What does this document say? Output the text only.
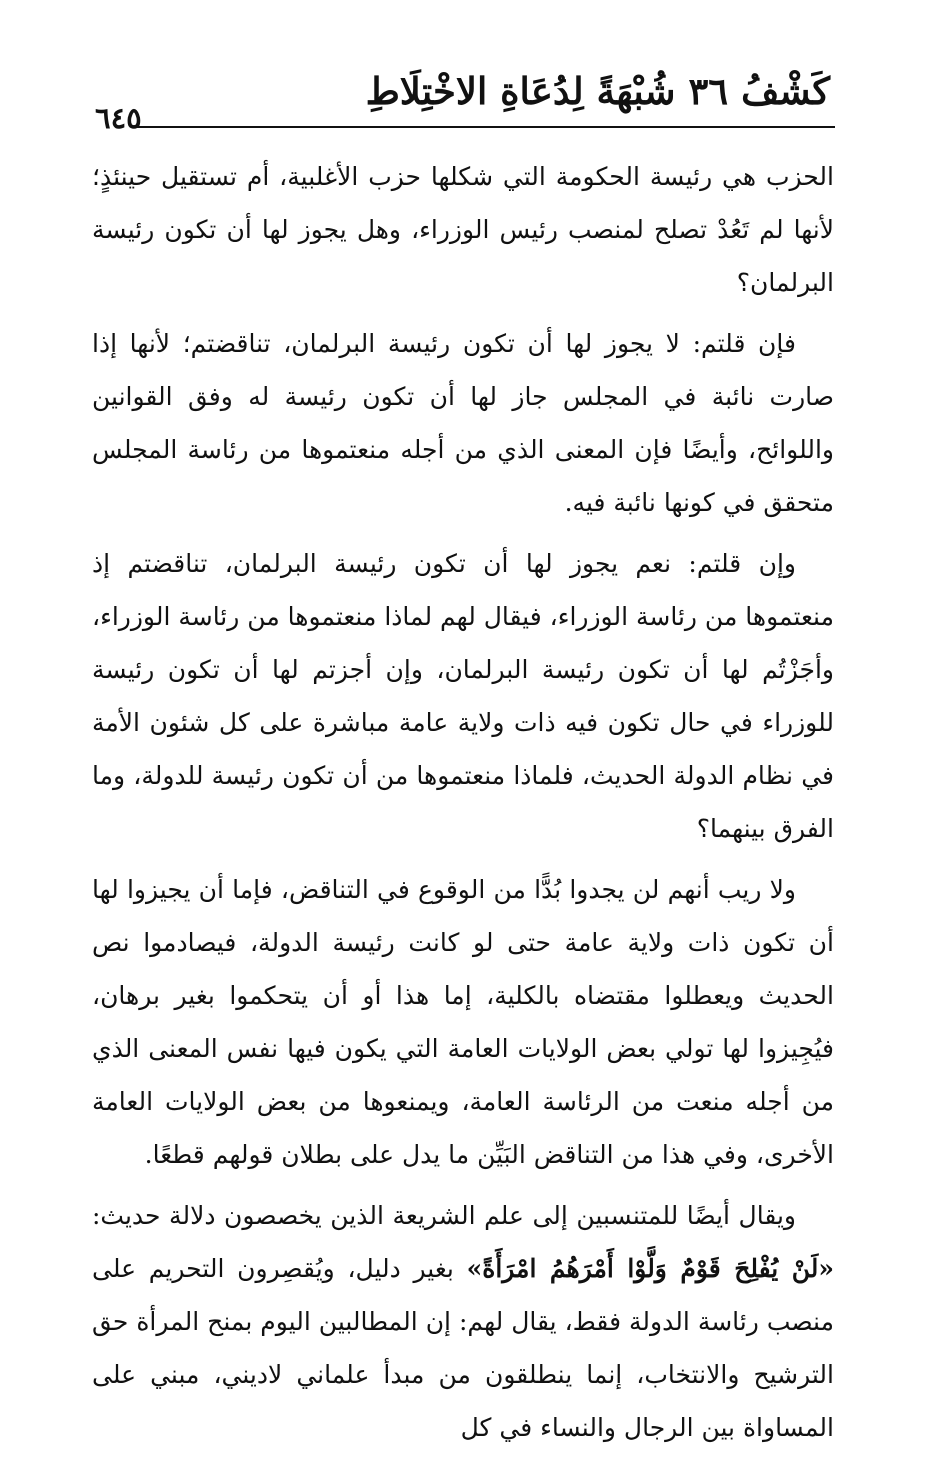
كَشْفُ ٣٦ شُبْهَةً لِدُعَاةِ الاخْتِلَاطِ
٦٤٥

الحزب هي رئيسة الحكومة التي شكلها حزب الأغلبية، أم تستقيل حينئذٍ؛ لأنها لم تَعُدْ تصلح لمنصب رئيس الوزراء، وهل يجوز لها أن تكون رئيسة البرلمان؟

فإن قلتم: لا يجوز لها أن تكون رئيسة البرلمان، تناقضتم؛ لأنها إذا صارت نائبة في المجلس جاز لها أن تكون رئيسة له وفق القوانين واللوائح، وأيضًا فإن المعنى الذي من أجله منعتموها من رئاسة المجلس متحقق في كونها نائبة فيه.

وإن قلتم: نعم يجوز لها أن تكون رئيسة البرلمان، تناقضتم إذ منعتموها من رئاسة الوزراء، فيقال لهم لماذا منعتموها من رئاسة الوزراء، وأجَزْتُم لها أن تكون رئيسة البرلمان، وإن أجزتم لها أن تكون رئيسة للوزراء في حال تكون فيه ذات ولاية عامة مباشرة على كل شئون الأمة في نظام الدولة الحديث، فلماذا منعتموها من أن تكون رئيسة للدولة، وما الفرق بينهما؟

ولا ريب أنهم لن يجدوا بُدًّا من الوقوع في التناقض، فإما أن يجيزوا لها أن تكون ذات ولاية عامة حتى لو كانت رئيسة الدولة، فيصادموا نص الحديث ويعطلوا مقتضاه بالكلية، إما هذا أو أن يتحكموا بغير برهان، فيُجِيزوا لها تولي بعض الولايات العامة التي يكون فيها نفس المعنى الذي من أجله منعت من الرئاسة العامة، ويمنعوها من بعض الولايات العامة الأخرى، وفي هذا من التناقض البَيِّن ما يدل على بطلان قولهم قطعًا.

ويقال أيضًا للمتنسبين إلى علم الشريعة الذين يخصصون دلالة حديث: «لَنْ يُفْلِحَ قَوْمٌ وَلَّوْا أَمْرَهُمُ امْرَأَةً» بغير دليل، ويُقصِرون التحريم على منصب رئاسة الدولة فقط، يقال لهم: إن المطالبين اليوم بمنح المرأة حق الترشيح والانتخاب، إنما ينطلقون من مبدأ علماني لاديني، مبني على المساواة بين الرجال والنساء في كل
